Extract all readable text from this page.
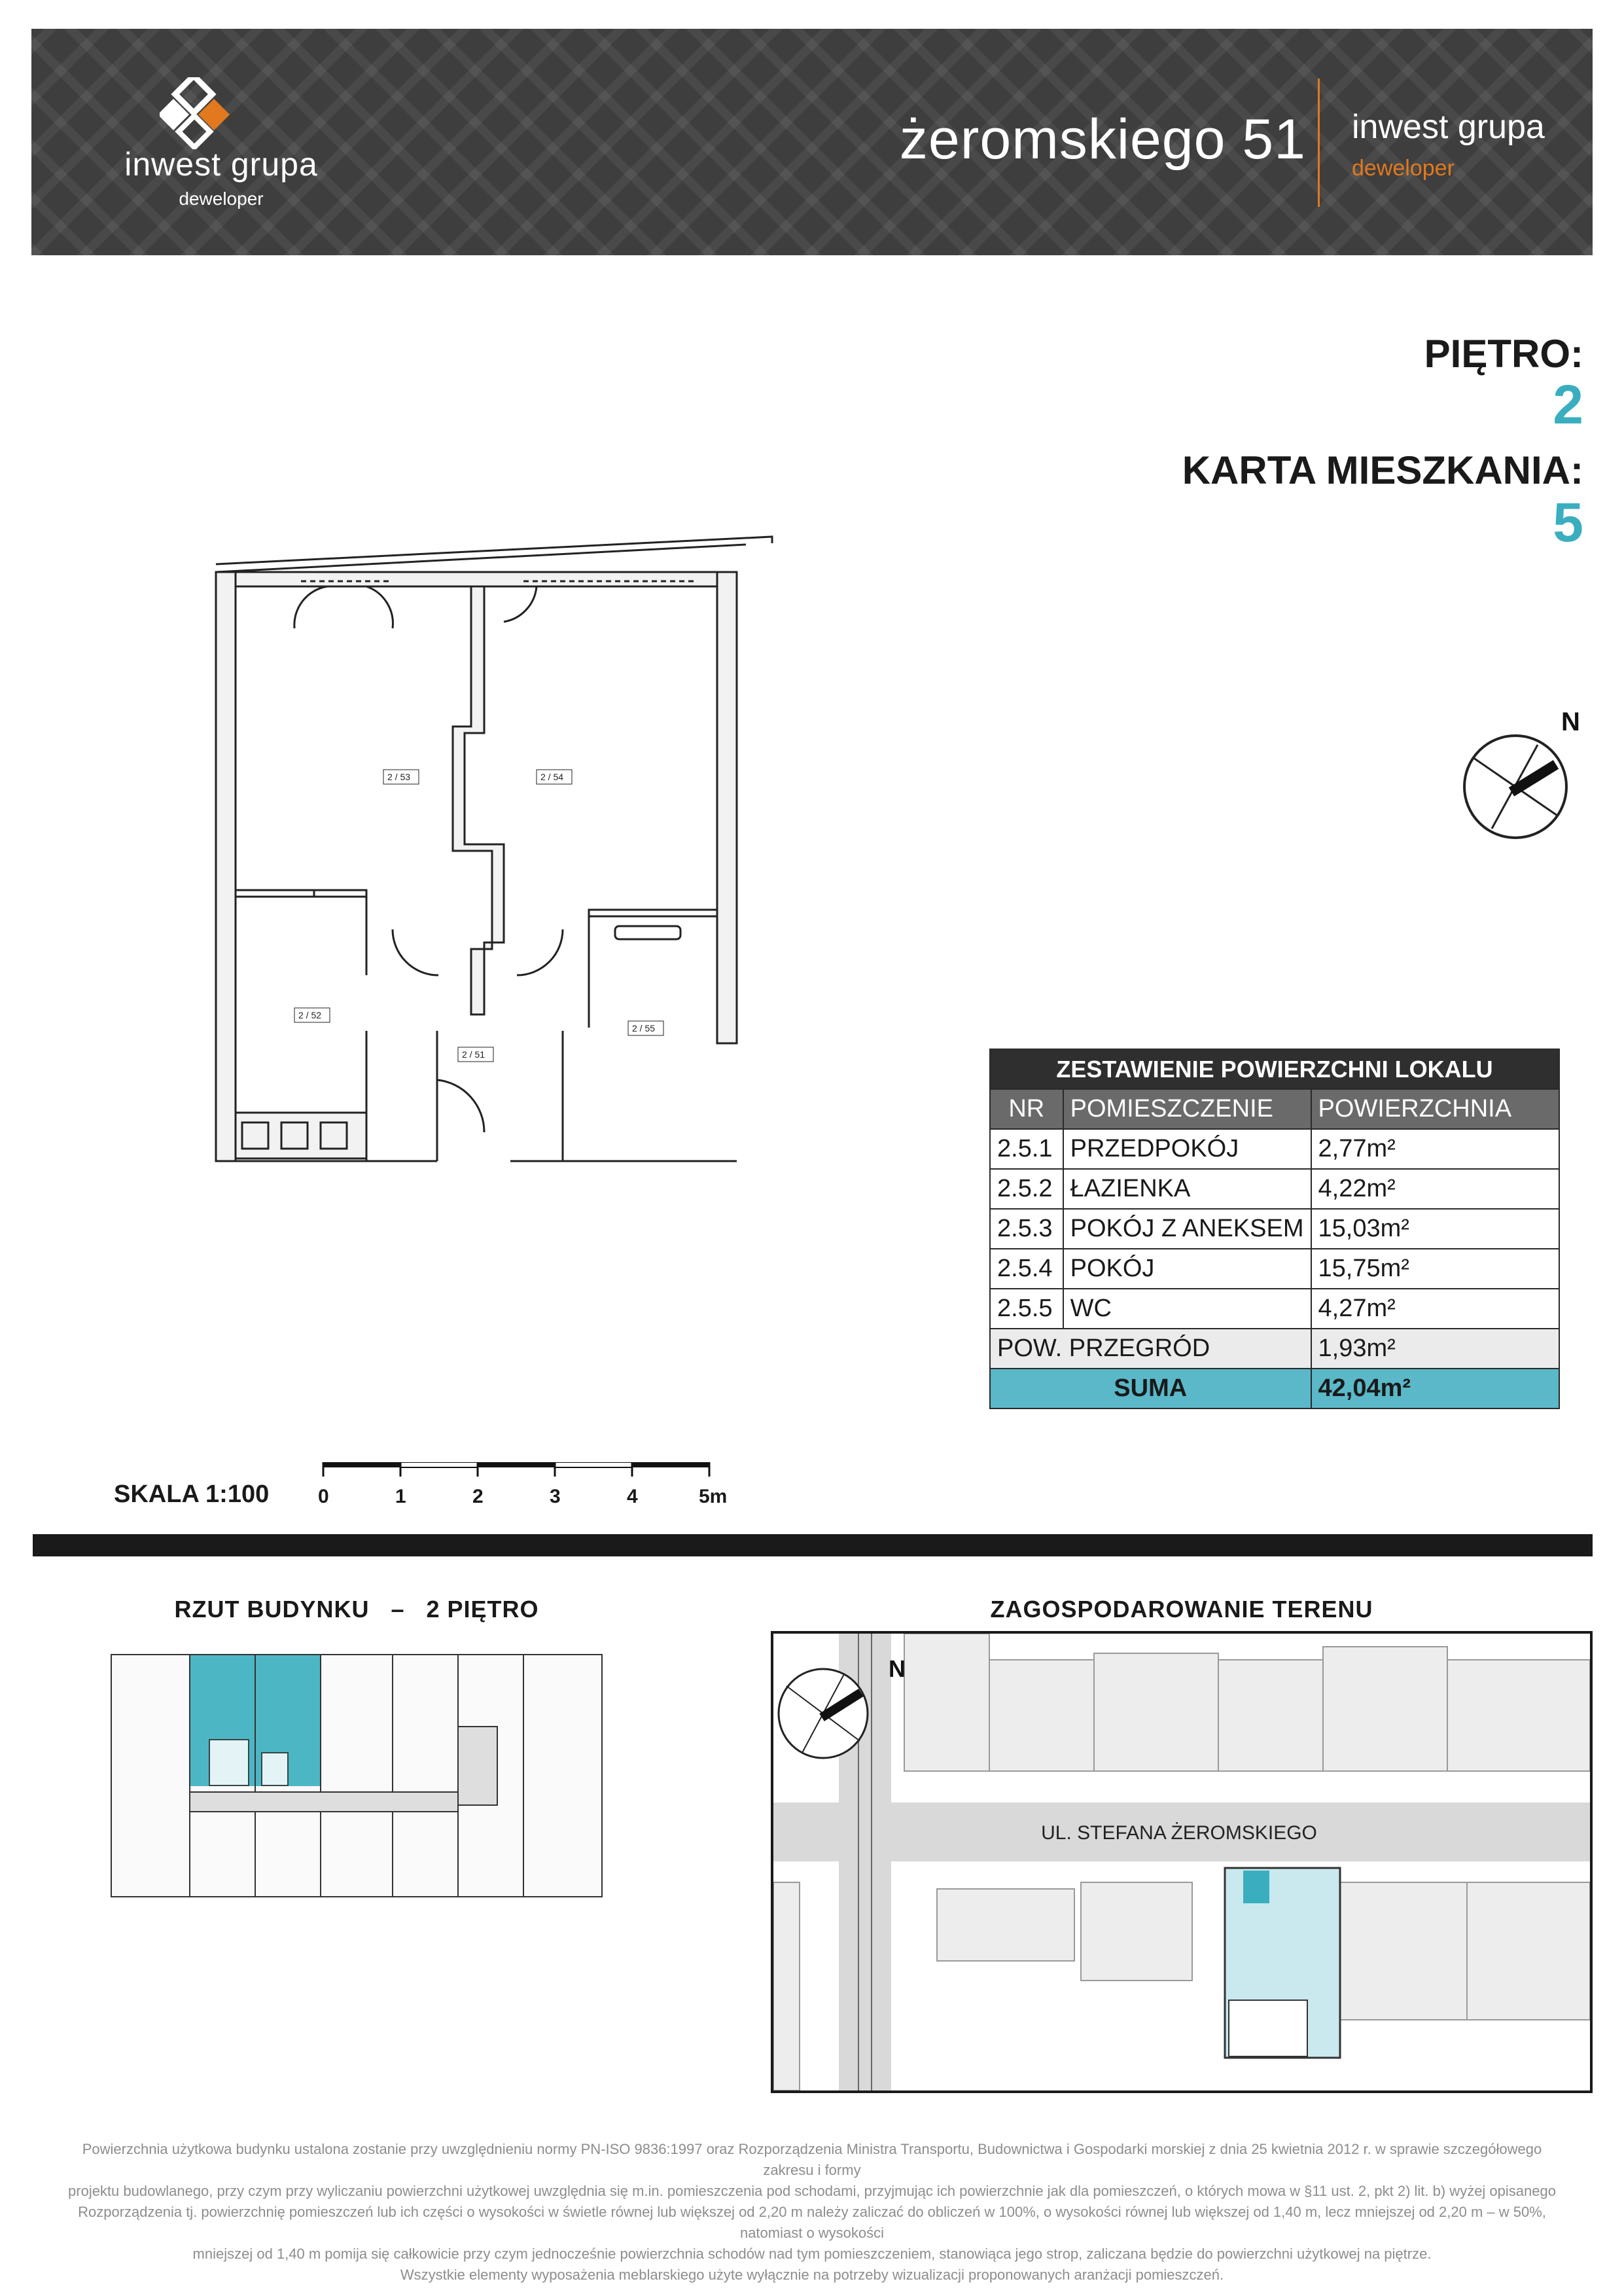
inwest grupa
deweloper
żeromskiego 51 inwest grupa
deweloper
PIĘTRO:
2
KARTA MIESZKANIA:
5
2 / 53	2 / 54
2 / 52
2 / 55
2 / 51
N
ZESTAWIENIE POWIERZCHNI LOKALU		
NR	POMIESZCZENIE	POWIERZCHNIA
2.5.1	PRZEDPOKÓJ	2,77m²
2.5.2	ŁAZIENKA	4,22m²
2.5.3	POKÓJ Z ANEKSEM	15,03m²
2.5.4	POKÓJ	15,75m²
2.5.5	WC	4,27m²
POW. PRZEGRÓD		1,93m²
SUMA		42,04m²
SKALA 1:100 0	1	2	3	4	5m
RZUT BUDYNKU   –   2 PIĘTRO	ZAGOSPODAROWANIE TERENU
UL. STEFANA ŻEROMSKIEGO
N
Powierzchnia użytkowa budynku ustalona zostanie przy uwzględnieniu normy PN-ISO 9836:1997 oraz Rozporządzenia Ministra Transportu, Budownictwa i Gospodarki morskiej z dnia 25 kwietnia 2012 r. w sprawie szczegółowego zakresu i formy
projektu budowlanego, przy czym przy wyliczaniu powierzchni użytkowej uwzględnia się m.in. pomieszczenia pod schodami, przyjmując ich powierzchnie jak dla pomieszczeń, o których mowa w §11 ust. 2, pkt 2) lit. b) wyżej opisanego
Rozporządzenia tj. powierzchnię pomieszczeń lub ich części o wysokości w świetle równej lub większej od 2,20 m należy zaliczać do obliczeń w 100%, o wysokości równej lub większej od 1,40 m, lecz mniejszej od 2,20 m – w 50%, natomiast o wysokości
mniejszej od 1,40 m pomija się całkowicie przy czym jednocześnie powierzchnia schodów nad tym pomieszczeniem, stanowiąca jego strop, zaliczana będzie do powierzchni użytkowej na piętrze.
Wszystkie elementy wyposażenia meblarskiego użyte wyłącznie na potrzeby wizualizacji proponowanych aranżacji pomieszczeń.
